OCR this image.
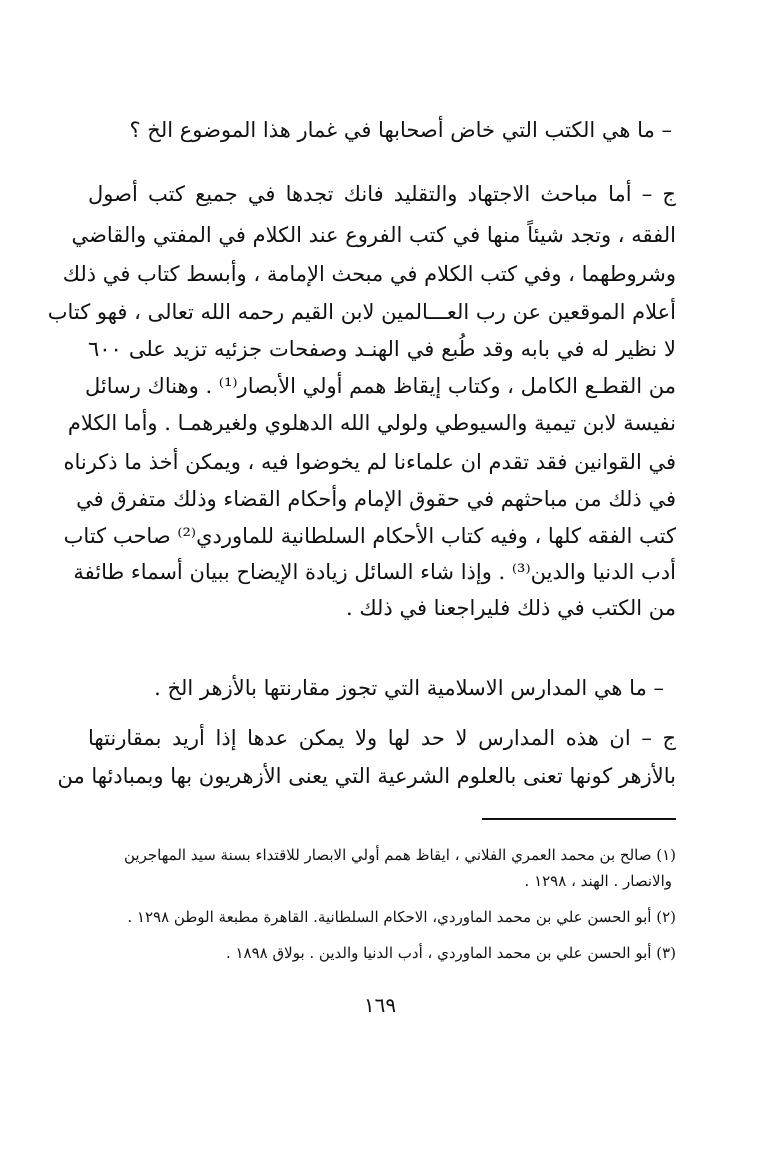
– ما هي الكتب التي خاض أصحابها في غمار هذا الموضوع الخ ؟
ج – أما مباحث الاجتهاد والتقليد فانك تجدها في جميع كتب أصول
الفقه ، وتجد شيئاً منها في كتب الفروع عند الكلام في المفتي والقاضي
وشروطهما ، وفي كتب الكلام في مبحث الإمامة ، وأبسط كتاب في ذلك
أعلام الموقعين عن رب العـــالمين لابن القيم رحمه الله تعالى ، فهو كتاب
لا نظير له في بابه وقد طُبع في الهنـد وصفحات جزئيه تزيد على ٦٠٠
من القطـع الكامل ، وكتاب إيقاظ همم أولي الأبصار⁽¹⁾ . وهناك رسائل
نفيسة لابن تيمية والسيوطي ولولي الله الدهلوي ولغيرهمـا . وأما الكلام
في القوانين فقد تقدم ان علماءنا لم يخوضوا فيه ، ويمكن أخذ ما ذكرناه
في ذلك من مباحثهم في حقوق الإمام وأحكام القضاء وذلك متفرق في
كتب الفقه كلها ، وفيه كتاب الأحكام السلطانية للماوردي⁽²⁾ صاحب كتاب
أدب الدنيا والدين⁽³⁾ . وإذا شاء السائل زيادة الإيضاح ببيان أسماء طائفة
من الكتب في ذلك فليراجعنا في ذلك .
– ما هي المدارس الاسلامية التي تجوز مقارنتها بالأزهر الخ .
ج – ان هذه المدارس لا حد لها ولا يمكن عدها إذا أريد بمقارنتها
بالأزهر كونها تعنى بالعلوم الشرعية التي يعنى الأزهريون بها وبمبادئها من
(١) صالح بن محمد العمري الفلاني ، ايقاظ همم أولي الابصار للاقتداء بسنة سيد المهاجرين
والانصار . الهند ، ١٢٩٨ .
(٢) أبو الحسن علي بن محمد الماوردي، الاحكام السلطانية. القاهرة مطبعة الوطن ١٢٩٨ .
(٣) أبو الحسن علي بن محمد الماوردي ، أدب الدنيا والدين . بولاق ١٨٩٨ .
١٦٩
